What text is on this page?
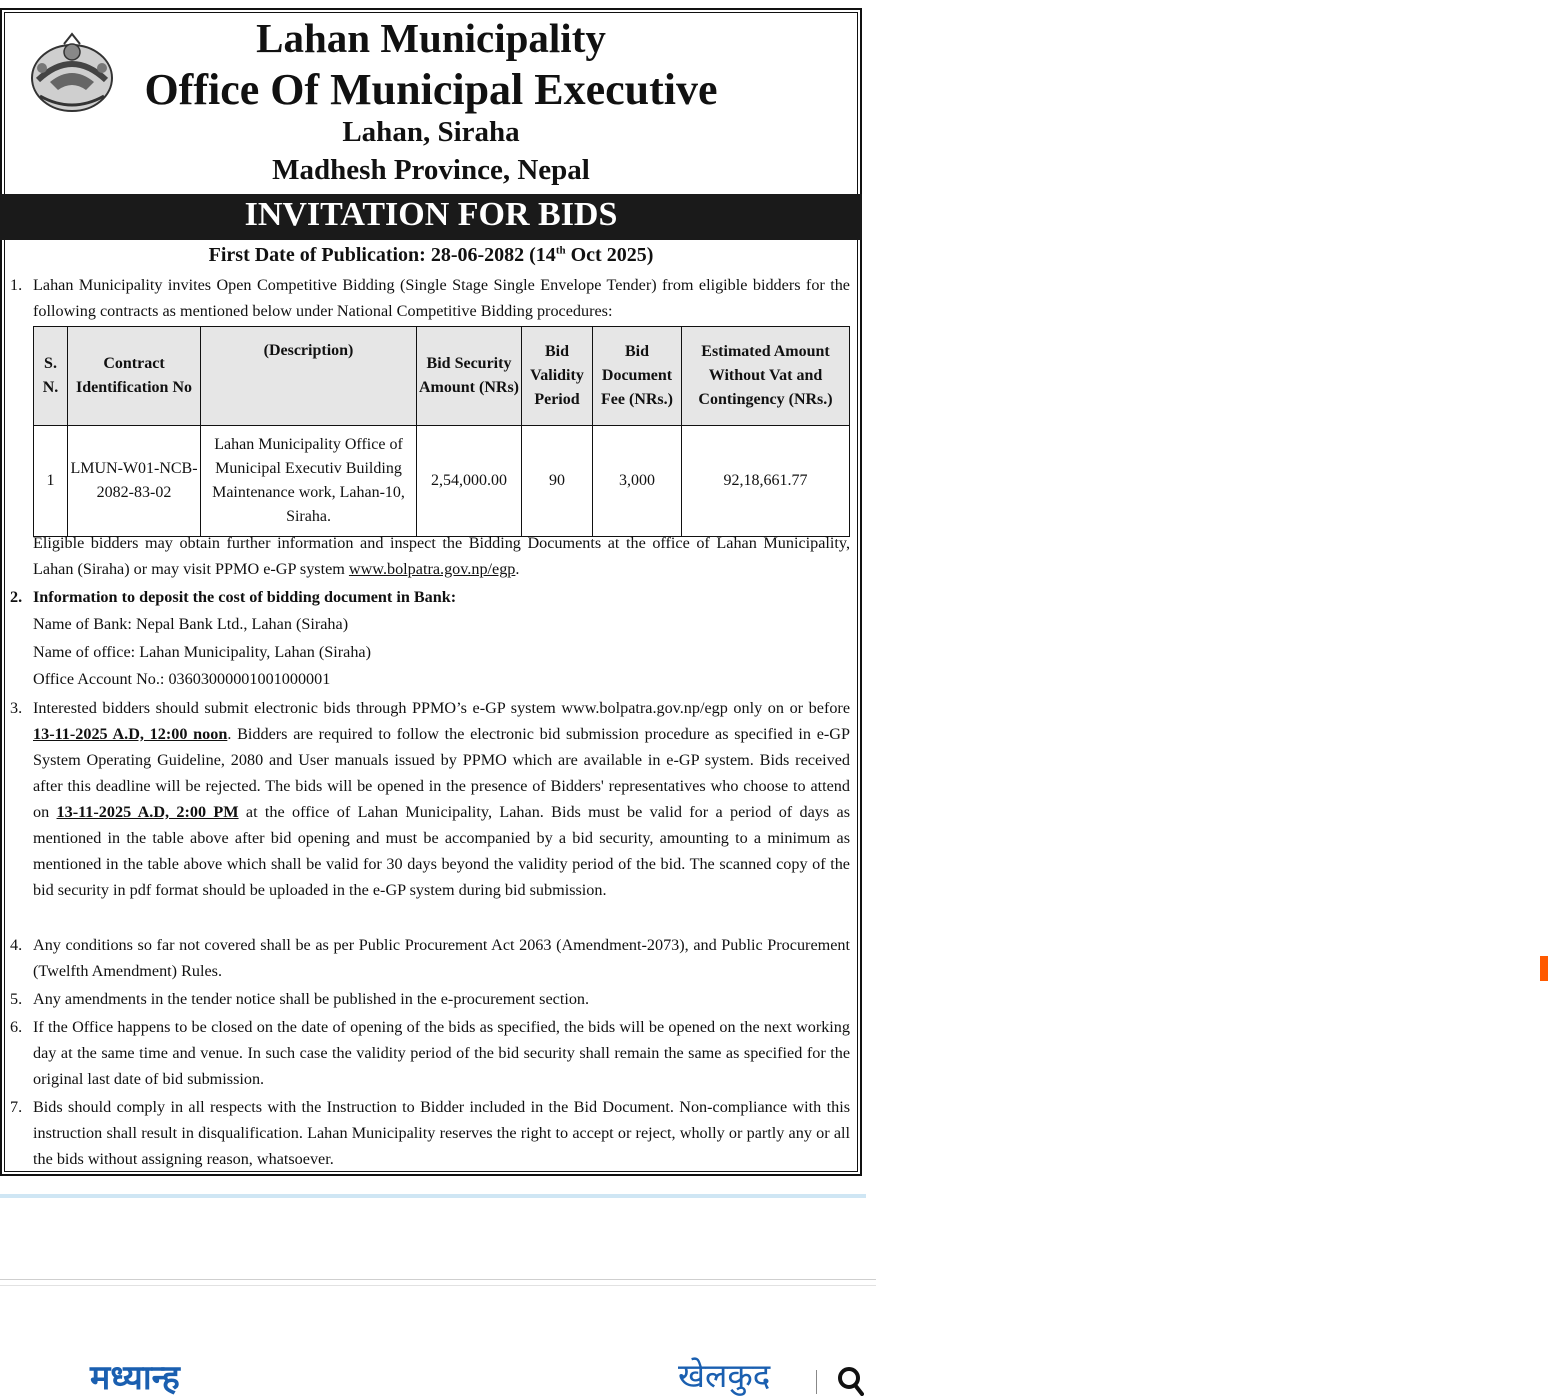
Lahan Municipality
Office Of Municipal Executive
Lahan, Siraha
Madhesh Province, Nepal
INVITATION FOR BIDS
First Date of Publication: 28-06-2082 (14th Oct 2025)
1. Lahan Municipality invites Open Competitive Bidding (Single Stage Single Envelope Tender) from eligible bidders for the following contracts as mentioned below under National Competitive Bidding procedures:
S. N.	Contract Identification No	(Description)	Bid Security Amount (NRs)	Bid Validity Period	Bid Document Fee (NRs.)	Estimated Amount Without Vat and Contingency (NRs.)
1	LMUN-W01-NCB-2082-83-02	Lahan Municipality Office of Municipal Executiv Building Maintenance work, Lahan-10, Siraha.	2,54,000.00	90	3,000	92,18,661.77
Eligible bidders may obtain further information and inspect the Bidding Documents at the office of Lahan Municipality, Lahan (Siraha) or may visit PPMO e-GP system www.bolpatra.gov.np/egp.
2. Information to deposit the cost of bidding document in Bank:
Name of Bank: Nepal Bank Ltd., Lahan (Siraha)
Name of office: Lahan Municipality, Lahan (Siraha)
Office Account No.: 03603000001001000001
3. Interested bidders should submit electronic bids through PPMO’s e-GP system www.bolpatra.gov.np/egp only on or before 13-11-2025 A.D, 12:00 noon. Bidders are required to follow the electronic bid submission procedure as specified in e-GP System Operating Guideline, 2080 and User manuals issued by PPMO which are available in e-GP system. Bids received after this deadline will be rejected. The bids will be opened in the presence of Bidders' representatives who choose to attend on 13-11-2025 A.D, 2:00 PM at the office of Lahan Municipality, Lahan. Bids must be valid for a period of days as mentioned in the table above after bid opening and must be accompanied by a bid security, amounting to a minimum as mentioned in the table above which shall be valid for 30 days beyond the validity period of the bid. The scanned copy of the bid security in pdf format should be uploaded in the e-GP system during bid submission.
4. Any conditions so far not covered shall be as per Public Procurement Act 2063 (Amendment-2073), and Public Procurement (Twelfth Amendment) Rules.
5. Any amendments in the tender notice shall be published in the e-procurement section.
6. If the Office happens to be closed on the date of opening of the bids as specified, the bids will be opened on the next working day at the same time and venue. In such case the validity period of the bid security shall remain the same as specified for the original last date of bid submission.
7. Bids should comply in all respects with the Instruction to Bidder included in the Bid Document. Non-compliance with this instruction shall result in disqualification. Lahan Municipality reserves the right to accept or reject, wholly or partly any or all the bids without assigning reason, whatsoever.
मध्यान्ह	खेलकुद
